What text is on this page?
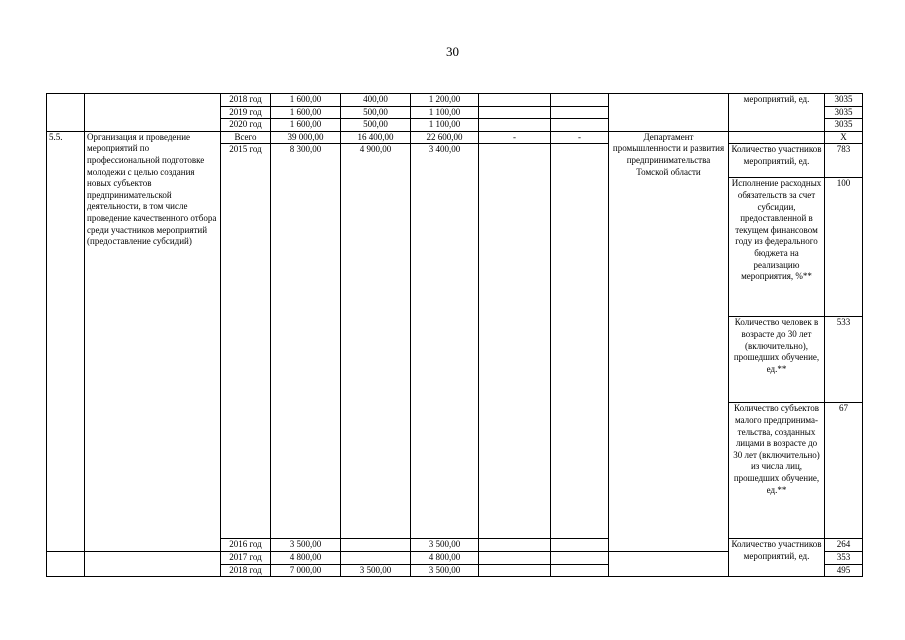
30
		2018 год	1 600,00	400,00	1 200,00				мероприятий, ед.	3035
		2019 год	1 600,00	500,00	1 100,00					3035
		2020 год	1 600,00	500,00	1 100,00					3035
5.5.	Организация и проведение мероприятий по профессиональной подготовке молодежи с целью создания новых субъектов предпринимательской деятельности, в том числе проведение качественного отбора среди участников мероприятий (предоставление субсидий)	Всего	39 000,00	16 400,00	22 600,00	-	-	Департамент промышленности и развития предпринимательства Томской области		Х
		2015 год	8 300,00	4 900,00	3 400,00				Количество участников мероприятий, ед.	783
									Исполнение расходных обязательств за счет субсидии, предоставленной в текущем финансовом году из федерального бюджета на реализацию мероприятия, %**	100
									Количество человек в возрасте до 30 лет (включительно), прошедших обучение, ед.**	533
									Количество субъектов малого предпринима-тельства, созданных лицами в возрасте до 30 лет (включительно) из числа лиц, прошедших обучение, ед.**	67
		2016 год	3 500,00		3 500,00				Количество участников мероприятий, ед.	264
		2017 год	4 800,00		4 800,00					353
		2018 год	7 000,00	3 500,00	3 500,00					495
